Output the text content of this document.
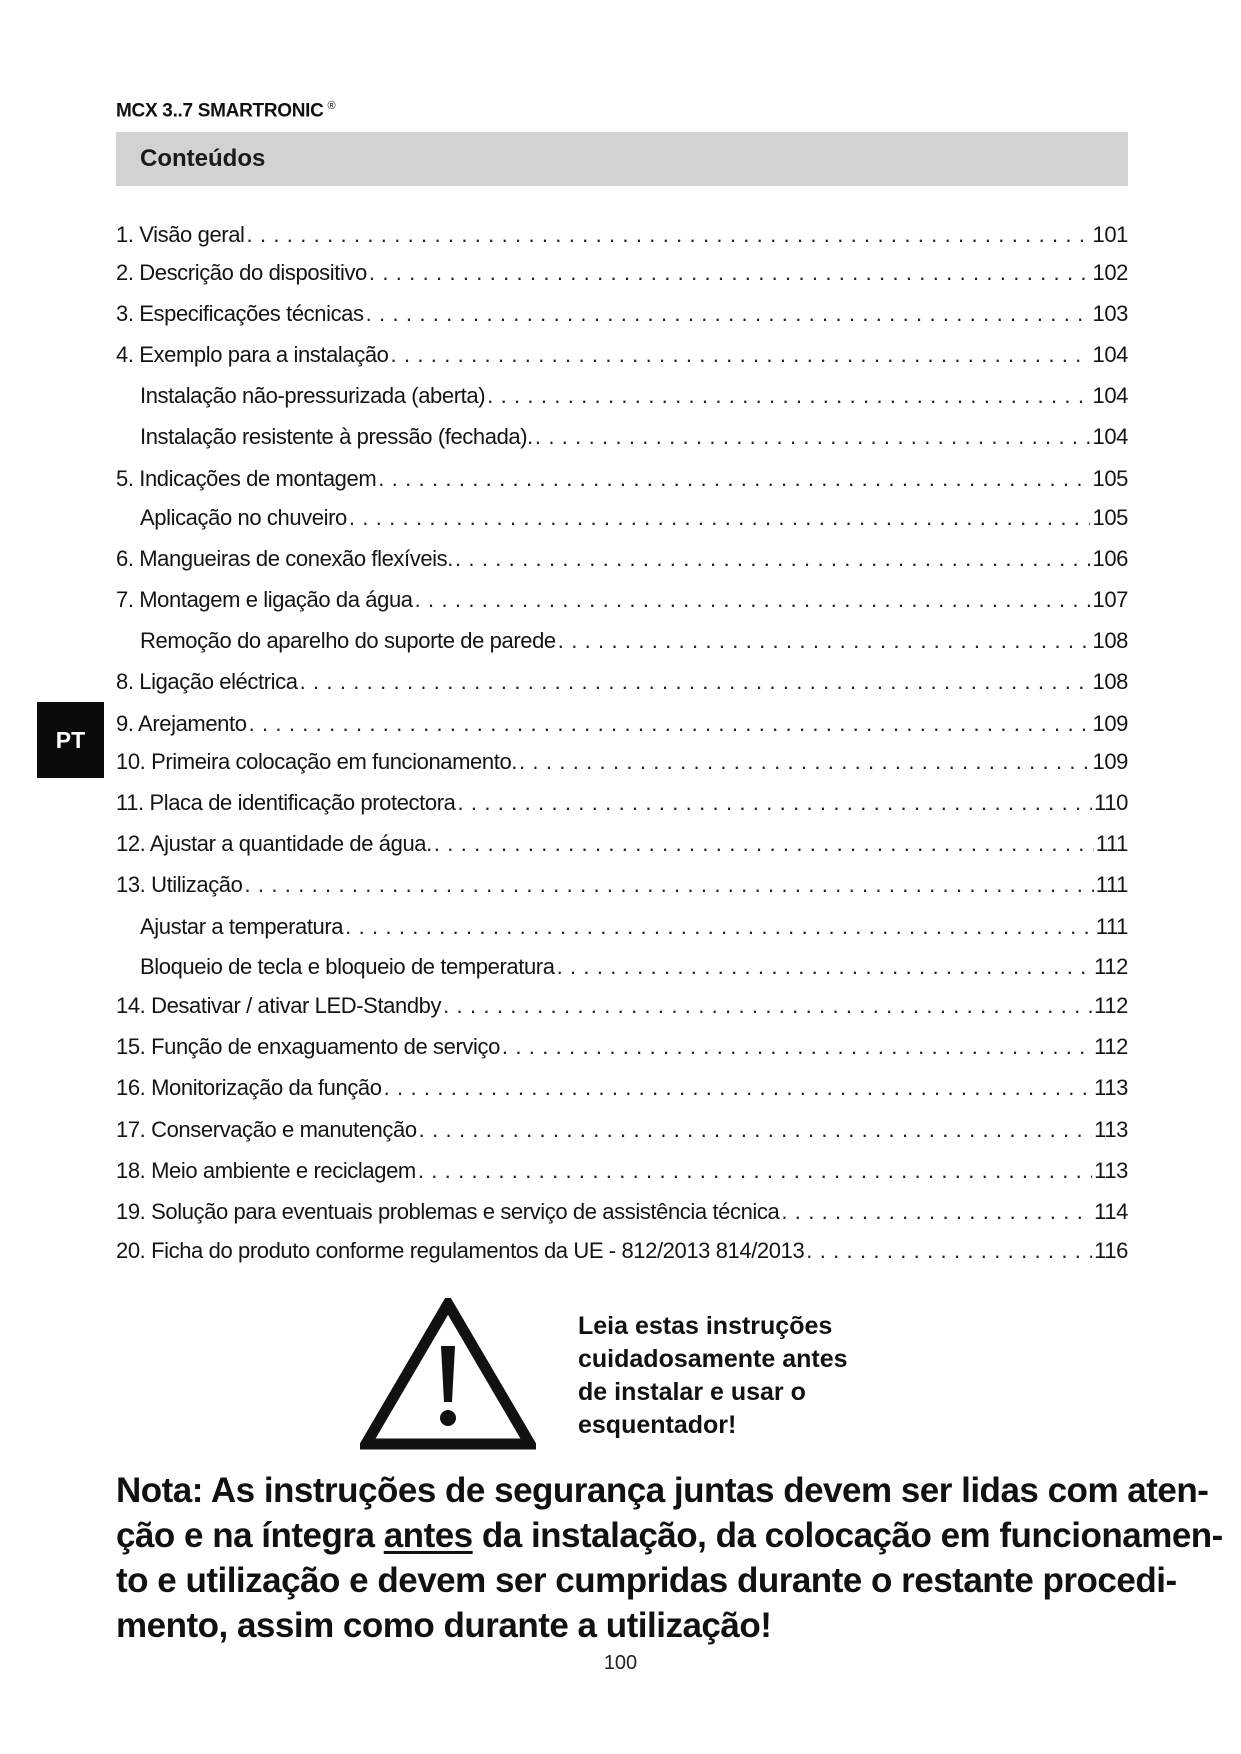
MCX 3..7 SMARTRONIC ®
Conteúdos
PT
1. Visão geral . . .	101
2. Descrição do dispositivo . . .	102
3. Especificações técnicas . . .	103
4. Exemplo para a instalação . . .	104
Instalação não-pressurizada (aberta) . . .	104
Instalação resistente à pressão (fechada). . . .	104
5. Indicações de montagem . . .	105
Aplicação no chuveiro . . .	105
6. Mangueiras de conexão flexíveis. . . .	106
7. Montagem e ligação da água . . .	107
Remoção do aparelho do suporte de parede . . .	108
8. Ligação eléctrica . . .	108
9. Arejamento . . .	109
10. Primeira colocação em funcionamento. . . .	109
11. Placa de identificação protectora . . .	110
12. Ajustar a quantidade de água. . . .	111
13. Utilização . . .	111
Ajustar a temperatura . . .	111
Bloqueio de tecla e bloqueio de temperatura . . .	112
14. Desativar / ativar LED-Standby . . .	112
15. Função de enxaguamento de serviço . . .	112
16. Monitorização da função . . .	113
17. Conservação e manutenção . . .	113
18. Meio ambiente e reciclagem . . .	113
19. Solução para eventuais problemas e serviço de assistência técnica . . .	114
20. Ficha do produto conforme regulamentos da UE - 812/2013 814/2013 . . .	116
Leia estas instruções
cuidadosamente antes
de instalar e usar o
esquentador!
Nota: As instruções de segurança juntas devem ser lidas com aten-
ção e na íntegra antes da instalação, da colocação em funcionamen-
to e utilização e devem ser cumpridas durante o restante procedi-
mento, assim como durante a utilização!
100
